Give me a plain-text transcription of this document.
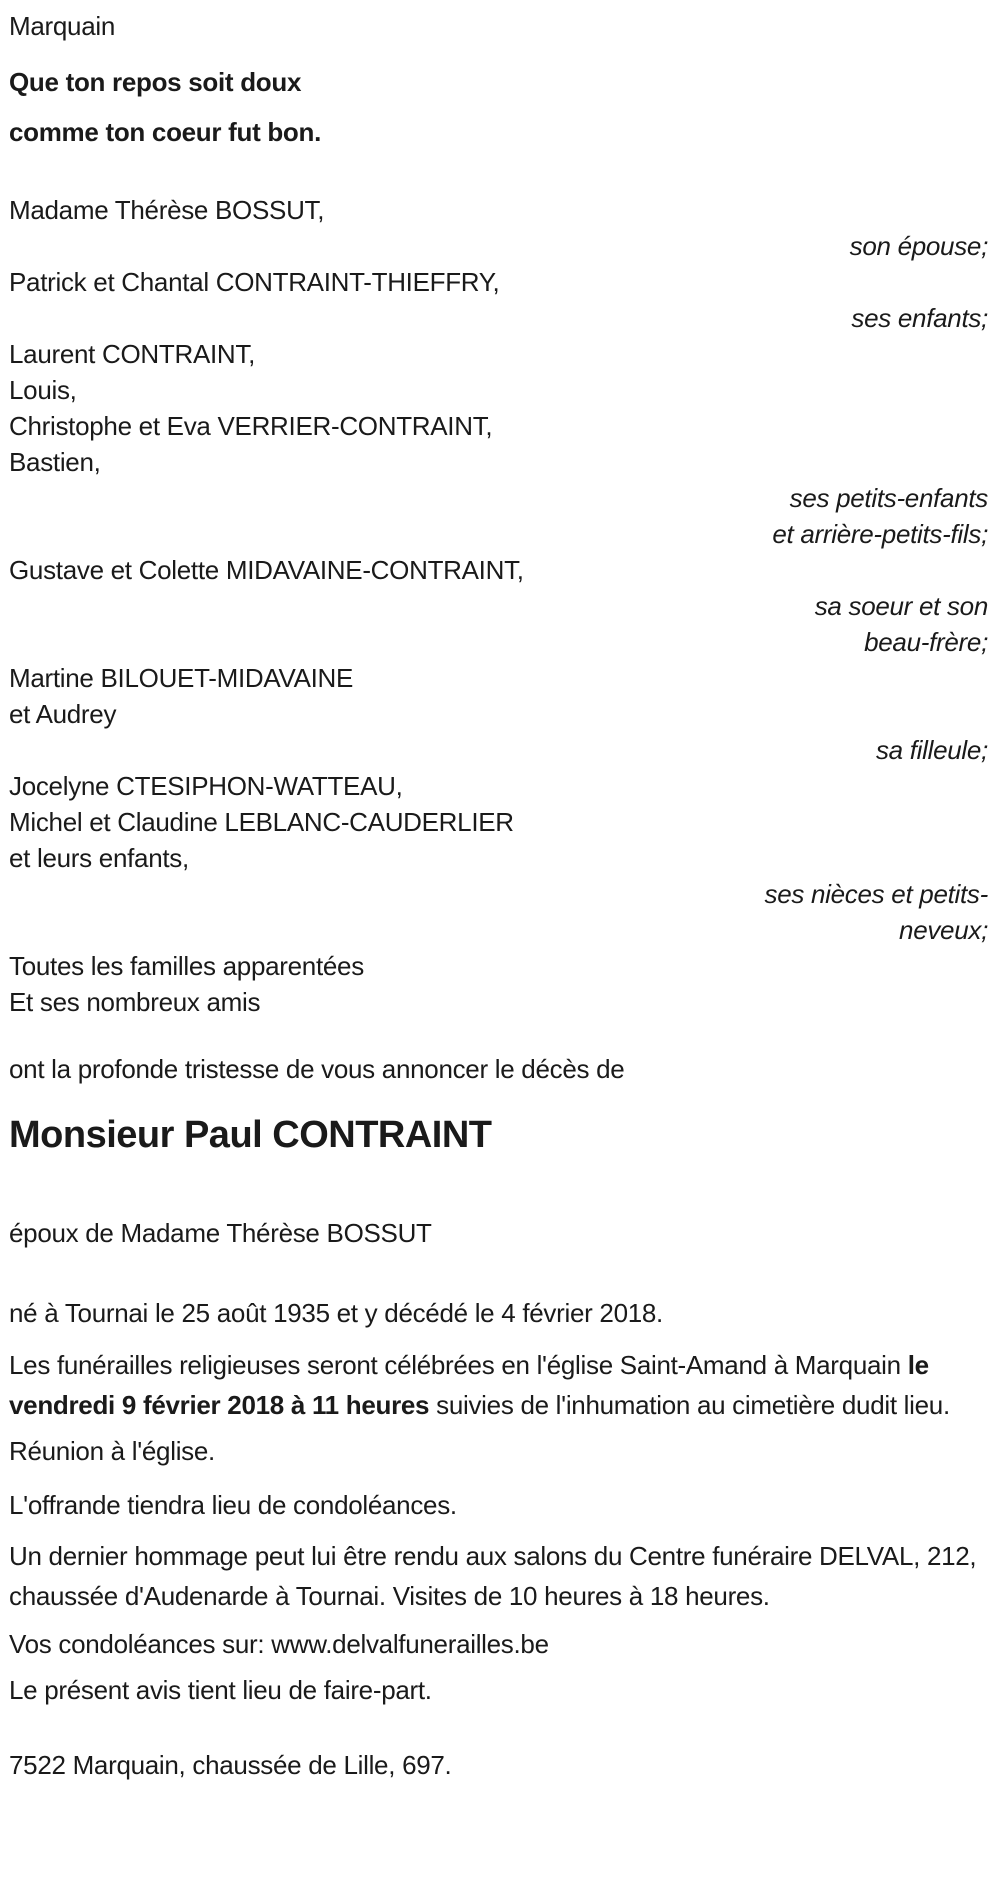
Marquain

Que ton repos soit doux

comme ton coeur fut bon.

Madame Thérèse BOSSUT,

son épouse;

Patrick et Chantal CONTRAINT-THIEFFRY,

ses enfants;

Laurent CONTRAINT,

Louis,

Christophe et Eva VERRIER-CONTRAINT,

Bastien,

ses petits-enfants

et arrière-petits-fils;

Gustave et Colette MIDAVAINE-CONTRAINT,

sa soeur et son

beau-frère;

Martine BILOUET-MIDAVAINE

et Audrey

sa filleule;

Jocelyne CTESIPHON-WATTEAU,

Michel et Claudine LEBLANC-CAUDERLIER

et leurs enfants,

ses nièces et petits-

neveux;

Toutes les familles apparentées

Et ses nombreux amis

ont la profonde tristesse de vous annoncer le décès de

Monsieur Paul CONTRAINT

époux de Madame Thérèse BOSSUT

né à Tournai le 25 août 1935 et y décédé le 4 février 2018.

Les funérailles religieuses seront célébrées en l'église Saint-Amand à Marquain le vendredi 9 février 2018 à 11 heures suivies de l'inhumation au cimetière dudit lieu.

Réunion à l'église.

L'offrande tiendra lieu de condoléances.

Un dernier hommage peut lui être rendu aux salons du Centre funéraire DELVAL, 212, chaussée d'Audenarde à Tournai. Visites de 10 heures à 18 heures.

Vos condoléances sur: www.delvalfunerailles.be

Le présent avis tient lieu de faire-part.

7522 Marquain, chaussée de Lille, 697.
